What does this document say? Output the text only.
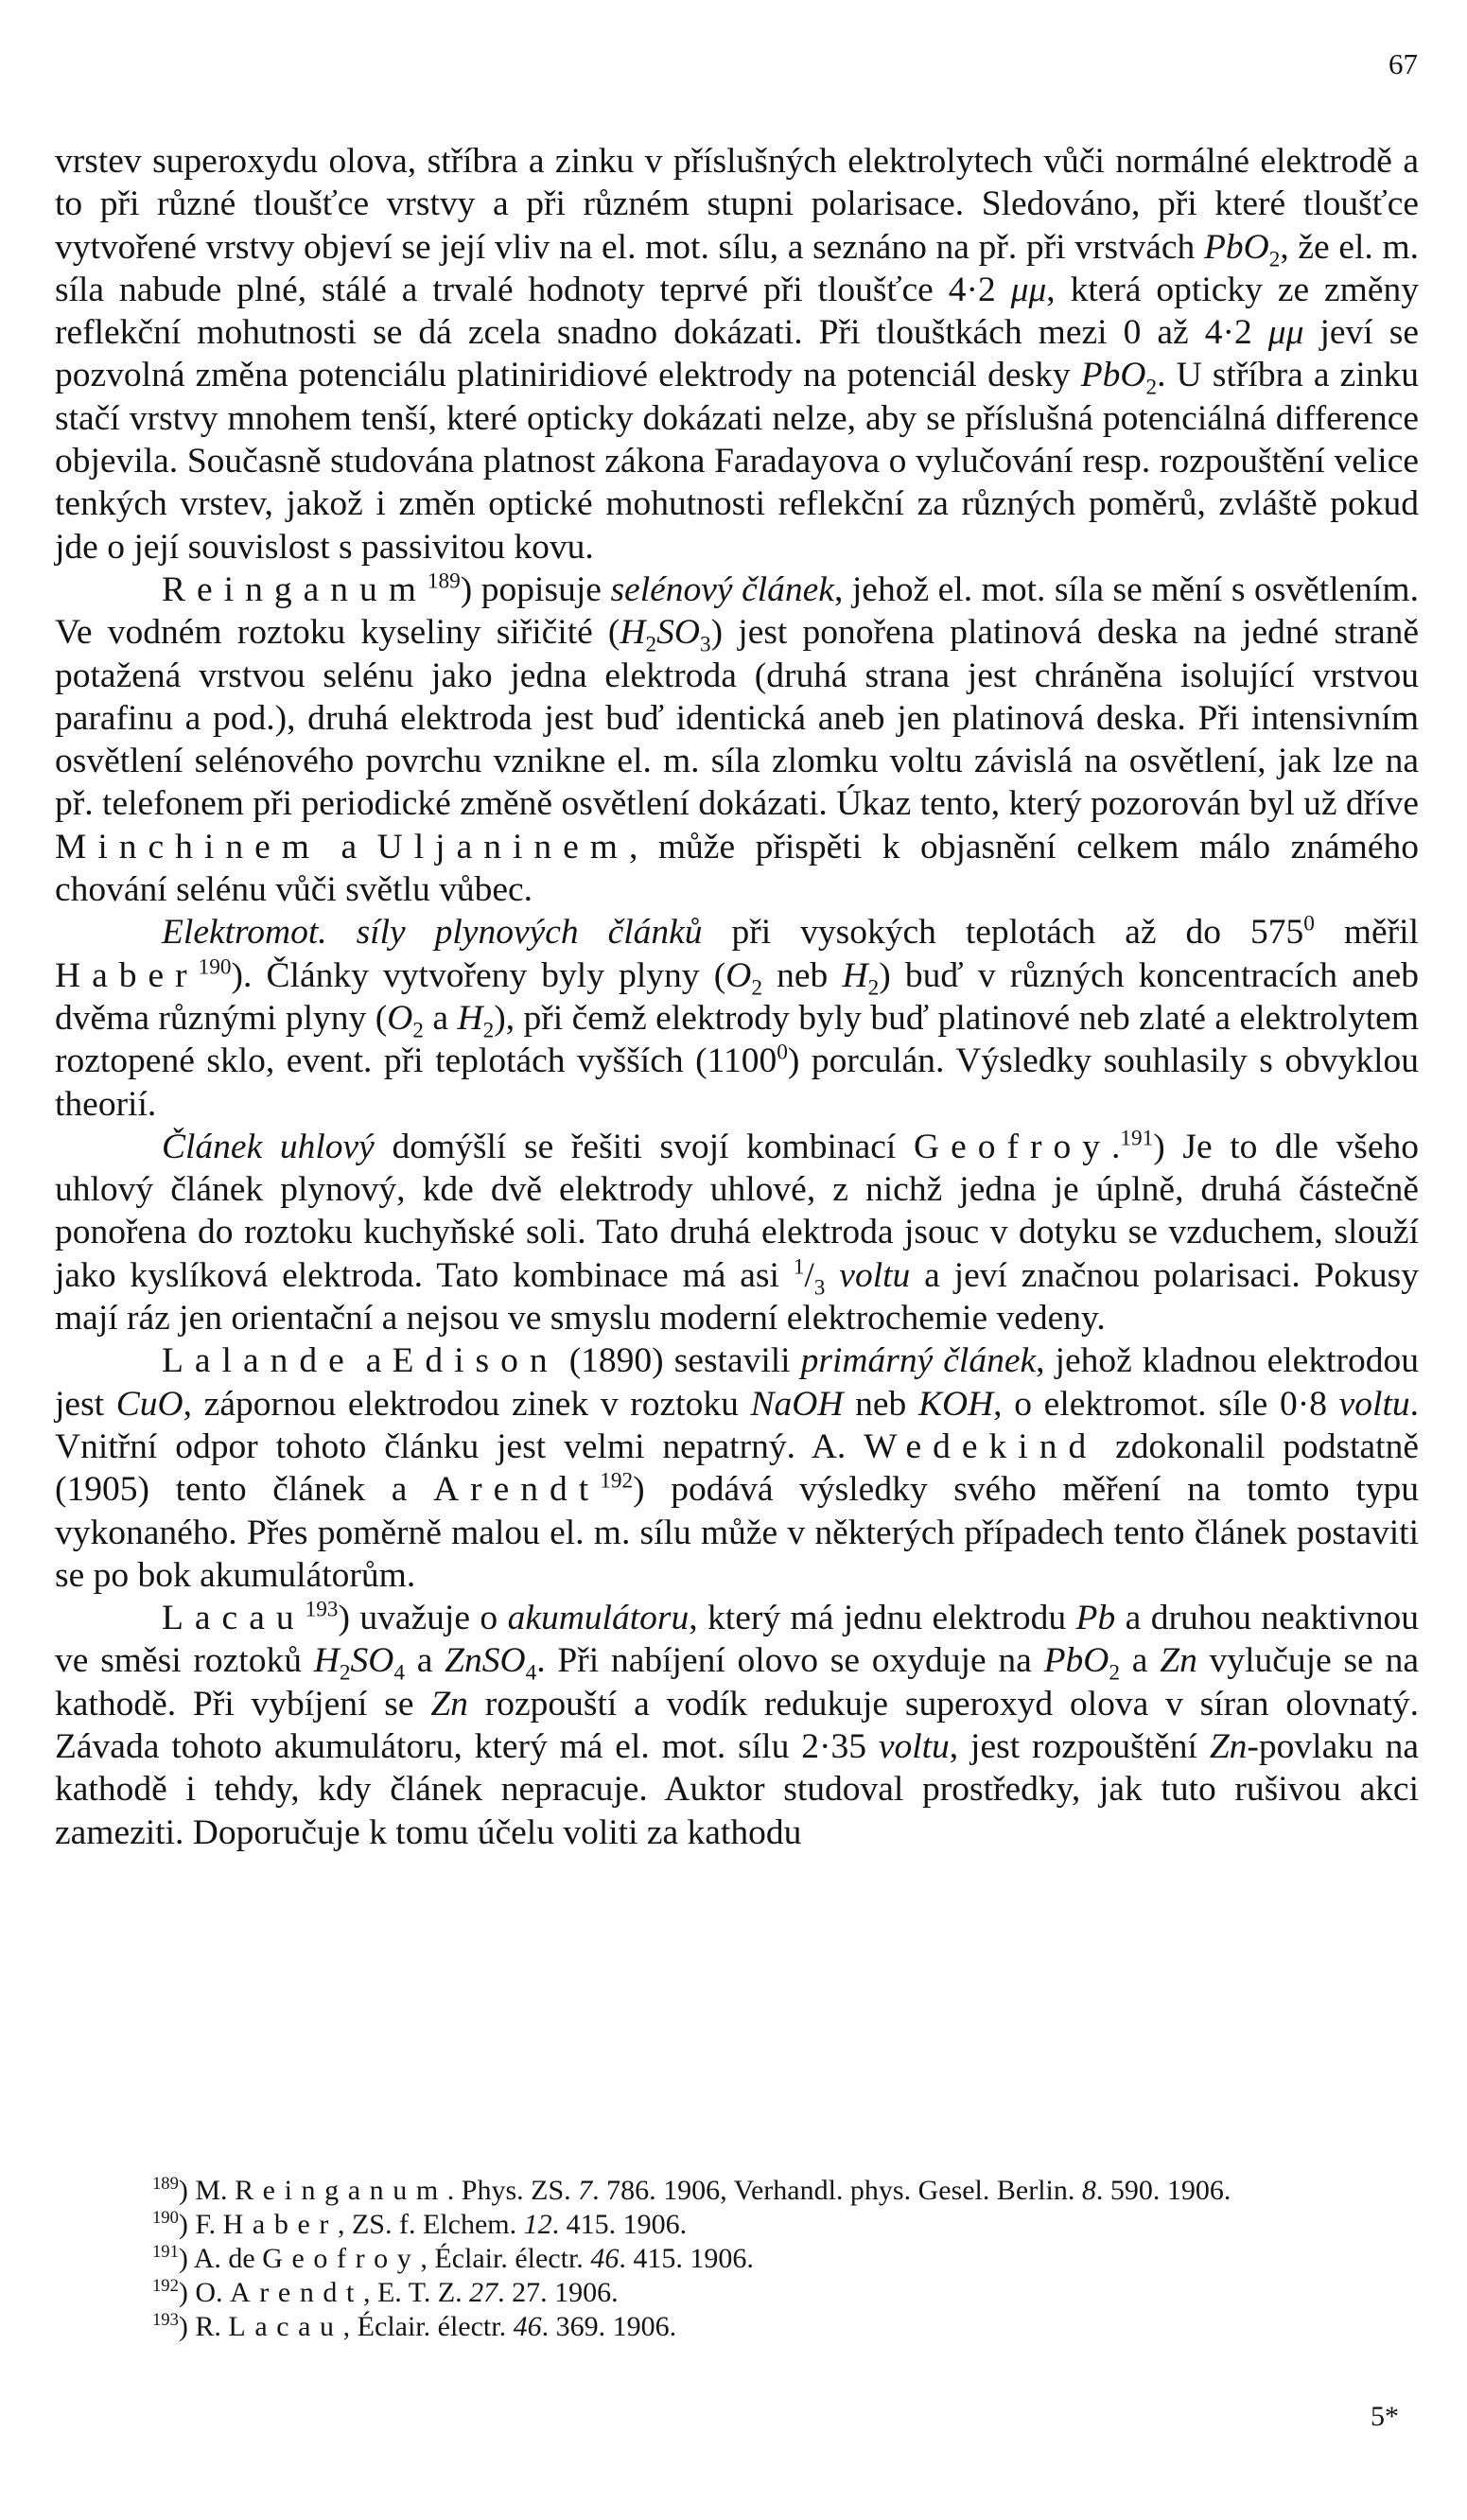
67

vrstev superoxydu olova, stříbra a zinku v příslušných elektrolytech vůči normálné elektrodě a to při různé tloušťce vrstvy a při různém stupni polarisace. Sledováno, při které tloušťce vytvořené vrstvy objeví se její vliv na el. mot. sílu, a seznáno na př. při vrstvách PbO$_2$, že el. m. síla nabude plné, stálé a trvalé hodnoty teprvé při tloušťce 4·2 μμ, která opticky ze změny reflekční mohutnosti se dá zcela snadno dokázati. Při tlouštkách mezi 0 až 4·2 μμ jeví se pozvolná změna potenciálu platiniridiové elektrody na potenciál desky PbO$_2$. U stříbra a zinku stačí vrstvy mnohem tenší, které opticky dokázati nelze, aby se příslušná potenciálná difference objevila. Současně studována platnost zákona Faradayova o vylučování resp. rozpouštění velice tenkých vrstev, jakož i změn optické mohutnosti reflekční za různých poměrů, zvláště pokud jde o její souvislost s passivitou kovu.

Reinganum$^{189}$) popisuje selénový článek, jehož el. mot. síla se mění s osvětlením. Ve vodném roztoku kyseliny siřičité $(H_2SO_3)$ jest ponořena platinová deska na jedné straně potažená vrstvou selénu jako jedna elektroda (druhá strana jest chráněna isolující vrstvou parafinu a pod.), druhá elektroda jest buď identická aneb jen platinová deska. Při intensivním osvětlení selénového povrchu vznikne el. m. síla zlomku voltu závislá na osvětlení, jak lze na př. telefonem při periodické změně osvětlení dokázati. Úkaz tento, který pozorován byl už dříve Minchinem a Uljaninem, může přispěti k objasnění celkem málo známého chování selénu vůči světlu vůbec.

Elektromot. síly plynových článků při vysokých teplotách až do $575^0$ měřil Haber$^{190}$). Články vytvořeny byly plyny ($O_2$ neb $H_2$) buď v různých koncentracích aneb dvěma různými plyny ($O_2$ a $H_2$), při čemž elektrody byly buď platinové neb zlaté a elektrolytem roztopené sklo, event. při teplotách vyšších (1100$^0$) porculán. Výsledky souhlasily s obvyklou theorií.

Článek uhlový domýšlí se řešiti svojí kombinací Geofroy.$^{191}$) Je to dle všeho uhlový článek plynový, kde dvě elektrody uhlové, z nichž jedna je úplně, druhá částečně ponořena do roztoku kuchyňské soli. Tato druhá elektroda jsouc v dotyku se vzduchem, slouží jako kyslíková elektroda. Tato kombinace má asi $^1/_3$ voltu a jeví značnou polarisaci. Pokusy mají ráz jen orientační a nejsou ve smyslu moderní elektrochemie vedeny.

Lalande a Edison (1890) sestavili primárný článek, jehož kladnou elektrodou jest CuO, zápornou elektrodou zinek v roztoku NaOH neb KOH, o elektromot. síle 0·8 voltu. Vnitřní odpor tohoto článku jest velmi nepatrný. A. Wedekind zdokonalil podstatně (1905) tento článek a Arendt$^{192}$) podává výsledky svého měření na tomto typu vykonaného. Přes poměrně malou el. m. sílu může v některých případech tento článek postaviti se po bok akumulátorům.

Lacau$^{193}$) uvažuje o akumulátoru, který má jednu elektrodu Pb a druhou neaktivnou ve směsi roztoků $H_2SO_4$ a ZnSO$_4$. Při nabíjení olovo se oxyduje na PbO$_2$ a Zn vylučuje se na kathodě. Při vybíjení se Zn rozpouští a vodík redukuje superoxyd olova v síran olovnatý. Závada tohoto akumulátoru, který má el. mot. sílu 2·35 voltu, jest rozpouštění Zn-povlaku na kathodě i tehdy, kdy článek nepracuje. Auktor studoval prostředky, jak tuto rušivou akci zameziti. Doporučuje k tomu účelu voliti za kathodu

$^{189}$) M. Reinganum. Phys. ZS. 7. 786. 1906, Verhandl. phys. Gesel. Berlin. 8. 590. 1906.

$^{190}$) F. Haber, ZS. f. Elchem. 12. 415. 1906.

$^{191}$) A. de Geofroy, Éclair. électr. 46. 415. 1906.

$^{192}$) O. Arendt, E. T. Z. 27. 27. 1906.

$^{193}$) R. Lacau, Éclair. électr. 46. 369. 1906.

5*
